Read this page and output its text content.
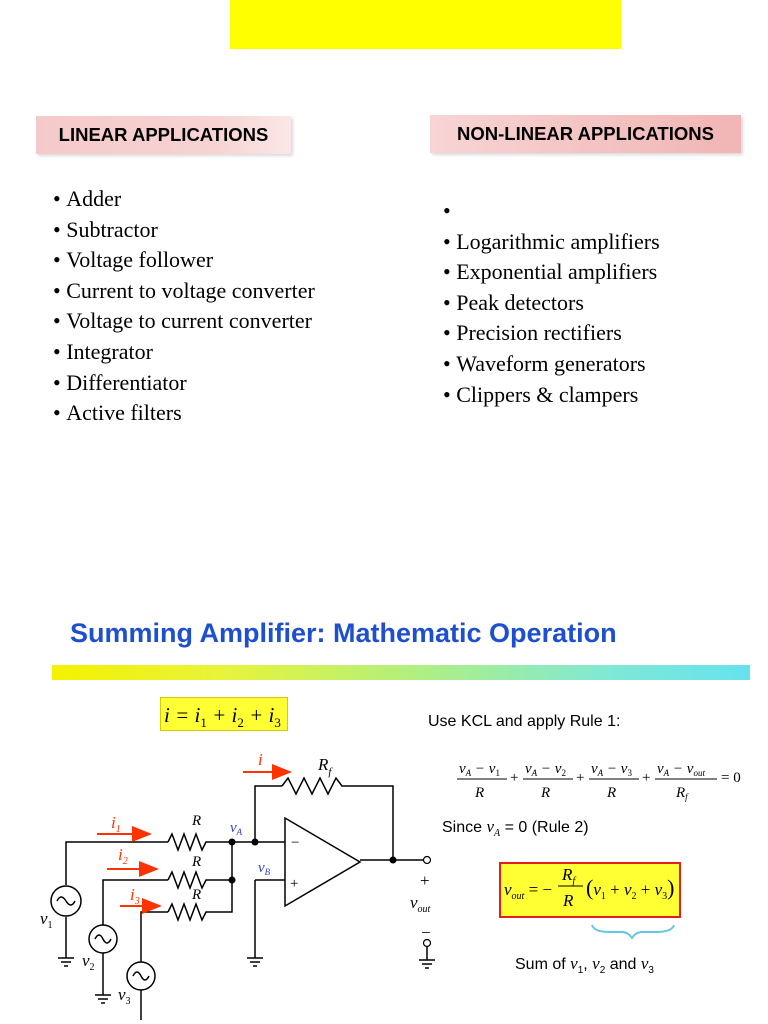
LINEAR APPLICATIONS	NON-LINEAR APPLICATIONS
• Adder
• Subtractor
• Voltage follower
• Current to voltage converter
• Voltage to current converter
• Integrator
• Differentiator
• Active filters
•
• Logarithmic amplifiers
• Exponential amplifiers
• Peak detectors
• Precision rectifiers
• Waveform generators
• Clippers & clampers
Summing Amplifier: Mathematic Operation
Use KCL and apply Rule 1:
Since $v_A = 0$ (Rule 2)
Sum of $v_1$, $v_2$ and $v_3$
$i = i_1 + i_2 + i_3$
$v_A - v_1$
R
+
$v_A - v_2$
R
+
$v_A - v_3$
R
+
$v_A - v_{out}$
$R_f$
= 0
$v_{out}$ = −
$R_f$
R
$(v_1 + v_2 + v_3)$
−
+
i
$i_1$
$i_2$
$i_3$
$R_f$
R
R
R
$v_A$
$v_B$
$v_1$
$v_2$
$v_3$
+
$v_{out}$
−
